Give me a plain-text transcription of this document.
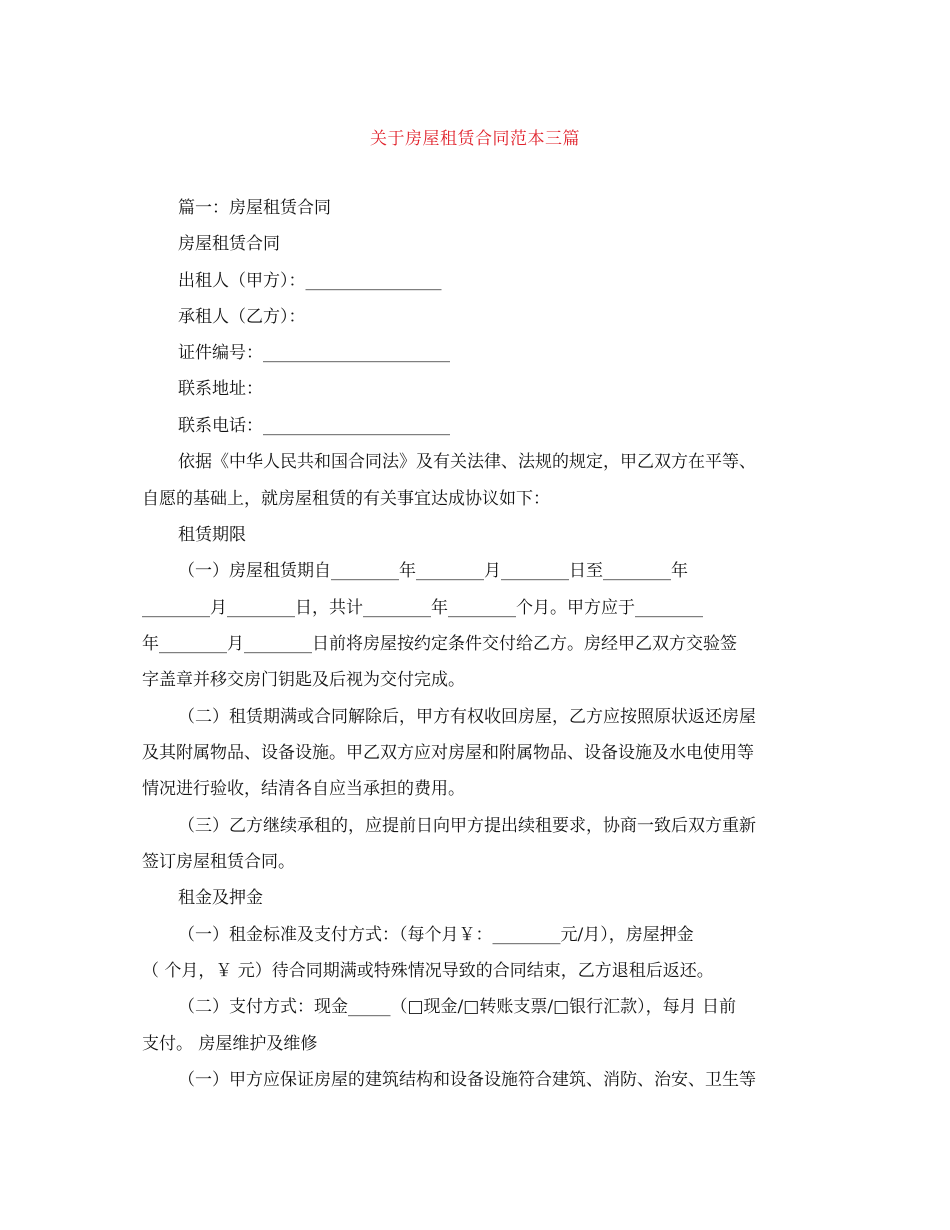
关于房屋租赁合同范本三篇
篇一：房屋租赁合同
房屋租赁合同
出租人（甲方）：________________
承租人（乙方）：
证件编号：______________________
联系地址：
联系电话：______________________
依据《中华人民共和国合同法》及有关法律、法规的规定，甲乙双方在平等、
自愿的基础上，就房屋租赁的有关事宜达成协议如下：
租赁期限
（一）房屋租赁期自________年________月________日至________年
________月________日，共计________年________个月。甲方应于________
年________月________日前将房屋按约定条件交付给乙方。房经甲乙双方交验签
字盖章并移交房门钥匙及后视为交付完成。
（二）租赁期满或合同解除后，甲方有权收回房屋，乙方应按照原状返还房屋
及其附属物品、设备设施。甲乙双方应对房屋和附属物品、设备设施及水电使用等
情况进行验收，结清各自应当承担的费用。
（三）乙方继续承租的，应提前日向甲方提出续租要求，协商一致后双方重新
签订房屋租赁合同。
租金及押金
（一）租金标准及支付方式：（每个月￥：________元/月），房屋押金
（ 个月，￥ 元）待合同期满或特殊情况导致的合同结束，乙方退租后返还。
（二）支付方式：现金_____（□现金/□转账支票/□银行汇款），每月 日前
支付。 房屋维护及维修
（一）甲方应保证房屋的建筑结构和设备设施符合建筑、消防、治安、卫生等
